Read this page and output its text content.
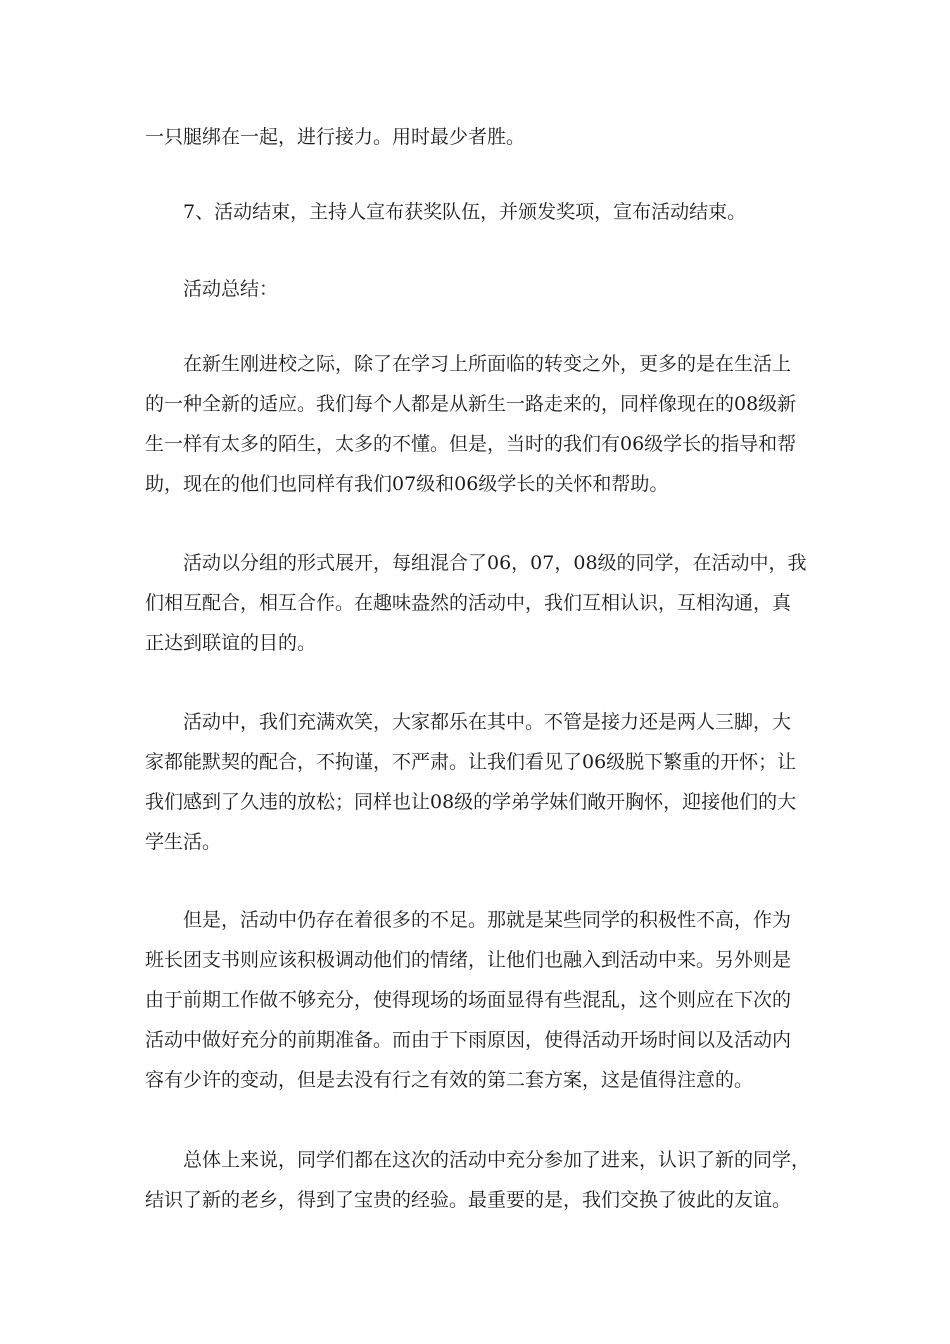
一只腿绑在一起，进行接力。用时最少者胜。
7、活动结束，主持人宣布获奖队伍，并颁发奖项，宣布活动结束。
活动总结：
在新生刚进校之际，除了在学习上所面临的转变之外，更多的是在生活上
的一种全新的适应。我们每个人都是从新生一路走来的，同样像现在的08级新
生一样有太多的陌生，太多的不懂。但是，当时的我们有06级学长的指导和帮
助，现在的他们也同样有我们07级和06级学长的关怀和帮助。
活动以分组的形式展开，每组混合了06，07，08级的同学，在活动中，我
们相互配合，相互合作。在趣味盎然的活动中，我们互相认识，互相沟通，真
正达到联谊的目的。
活动中，我们充满欢笑，大家都乐在其中。不管是接力还是两人三脚，大
家都能默契的配合，不拘谨，不严肃。让我们看见了06级脱下繁重的开怀；让
我们感到了久违的放松；同样也让08级的学弟学妹们敞开胸怀，迎接他们的大
学生活。
但是，活动中仍存在着很多的不足。那就是某些同学的积极性不高，作为
班长团支书则应该积极调动他们的情绪，让他们也融入到活动中来。另外则是
由于前期工作做不够充分，使得现场的场面显得有些混乱，这个则应在下次的
活动中做好充分的前期准备。而由于下雨原因，使得活动开场时间以及活动内
容有少许的变动，但是去没有行之有效的第二套方案，这是值得注意的。
总体上来说，同学们都在这次的活动中充分参加了进来，认识了新的同学，
结识了新的老乡，得到了宝贵的经验。最重要的是，我们交换了彼此的友谊。
